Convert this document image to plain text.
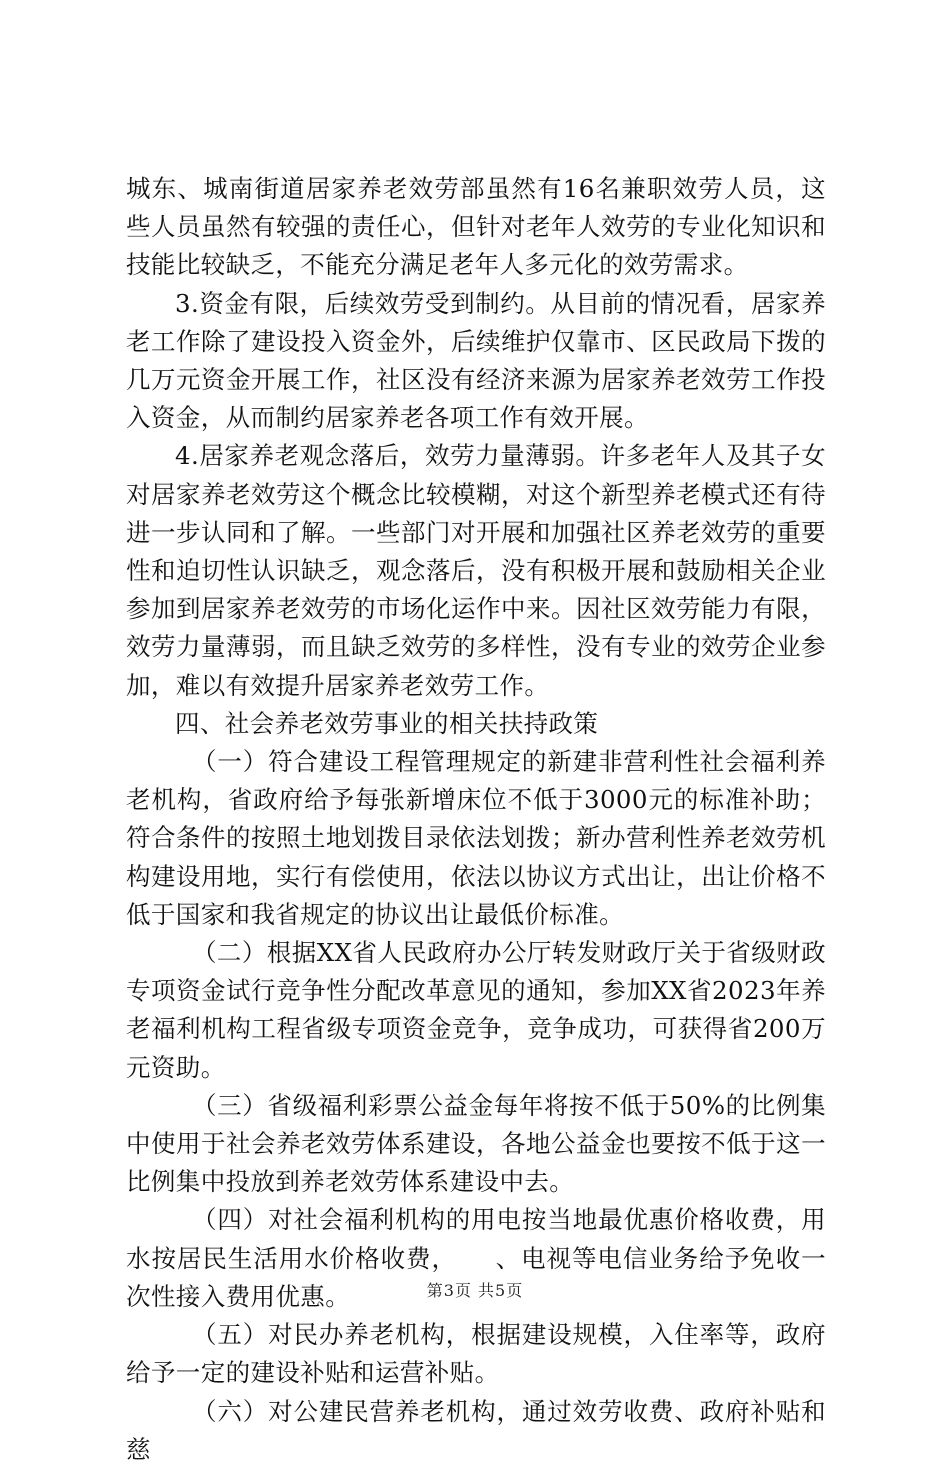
城东、城南街道居家养老效劳部虽然有16名兼职效劳人员，这些人员虽然有较强的责任心，但针对老年人效劳的专业化知识和技能比较缺乏，不能充分满足老年人多元化的效劳需求。

3.资金有限，后续效劳受到制约。从目前的情况看，居家养老工作除了建设投入资金外，后续维护仅靠市、区民政局下拨的几万元资金开展工作，社区没有经济来源为居家养老效劳工作投入资金，从而制约居家养老各项工作有效开展。

4.居家养老观念落后，效劳力量薄弱。许多老年人及其子女对居家养老效劳这个概念比较模糊，对这个新型养老模式还有待进一步认同和了解。一些部门对开展和加强社区养老效劳的重要性和迫切性认识缺乏，观念落后，没有积极开展和鼓励相关企业参加到居家养老效劳的市场化运作中来。因社区效劳能力有限，效劳力量薄弱，而且缺乏效劳的多样性，没有专业的效劳企业参加，难以有效提升居家养老效劳工作。

四、社会养老效劳事业的相关扶持政策

（一）符合建设工程管理规定的新建非营利性社会福利养老机构，省政府给予每张新增床位不低于3000元的标准补助；符合条件的按照土地划拨目录依法划拨；新办营利性养老效劳机构建设用地，实行有偿使用，依法以协议方式出让，出让价格不低于国家和我省规定的协议出让最低价标准。

（二）根据XX省人民政府办公厅转发财政厅关于省级财政专项资金试行竞争性分配改革意见的通知，参加XX省2023年养老福利机构工程省级专项资金竞争，竞争成功，可获得省200万元资助。

（三）省级福利彩票公益金每年将按不低于50%的比例集中使用于社会养老效劳体系建设，各地公益金也要按不低于这一比例集中投放到养老效劳体系建设中去。

（四）对社会福利机构的用电按当地最优惠价格收费，用水按居民生活用水价格收费，　　、电视等电信业务给予免收一次性接入费用优惠。

（五）对民办养老机构，根据建设规模，入住率等，政府给予一定的建设补贴和运营补贴。

（六）对公建民营养老机构，通过效劳收费、政府补贴和慈

第3页 共5页
